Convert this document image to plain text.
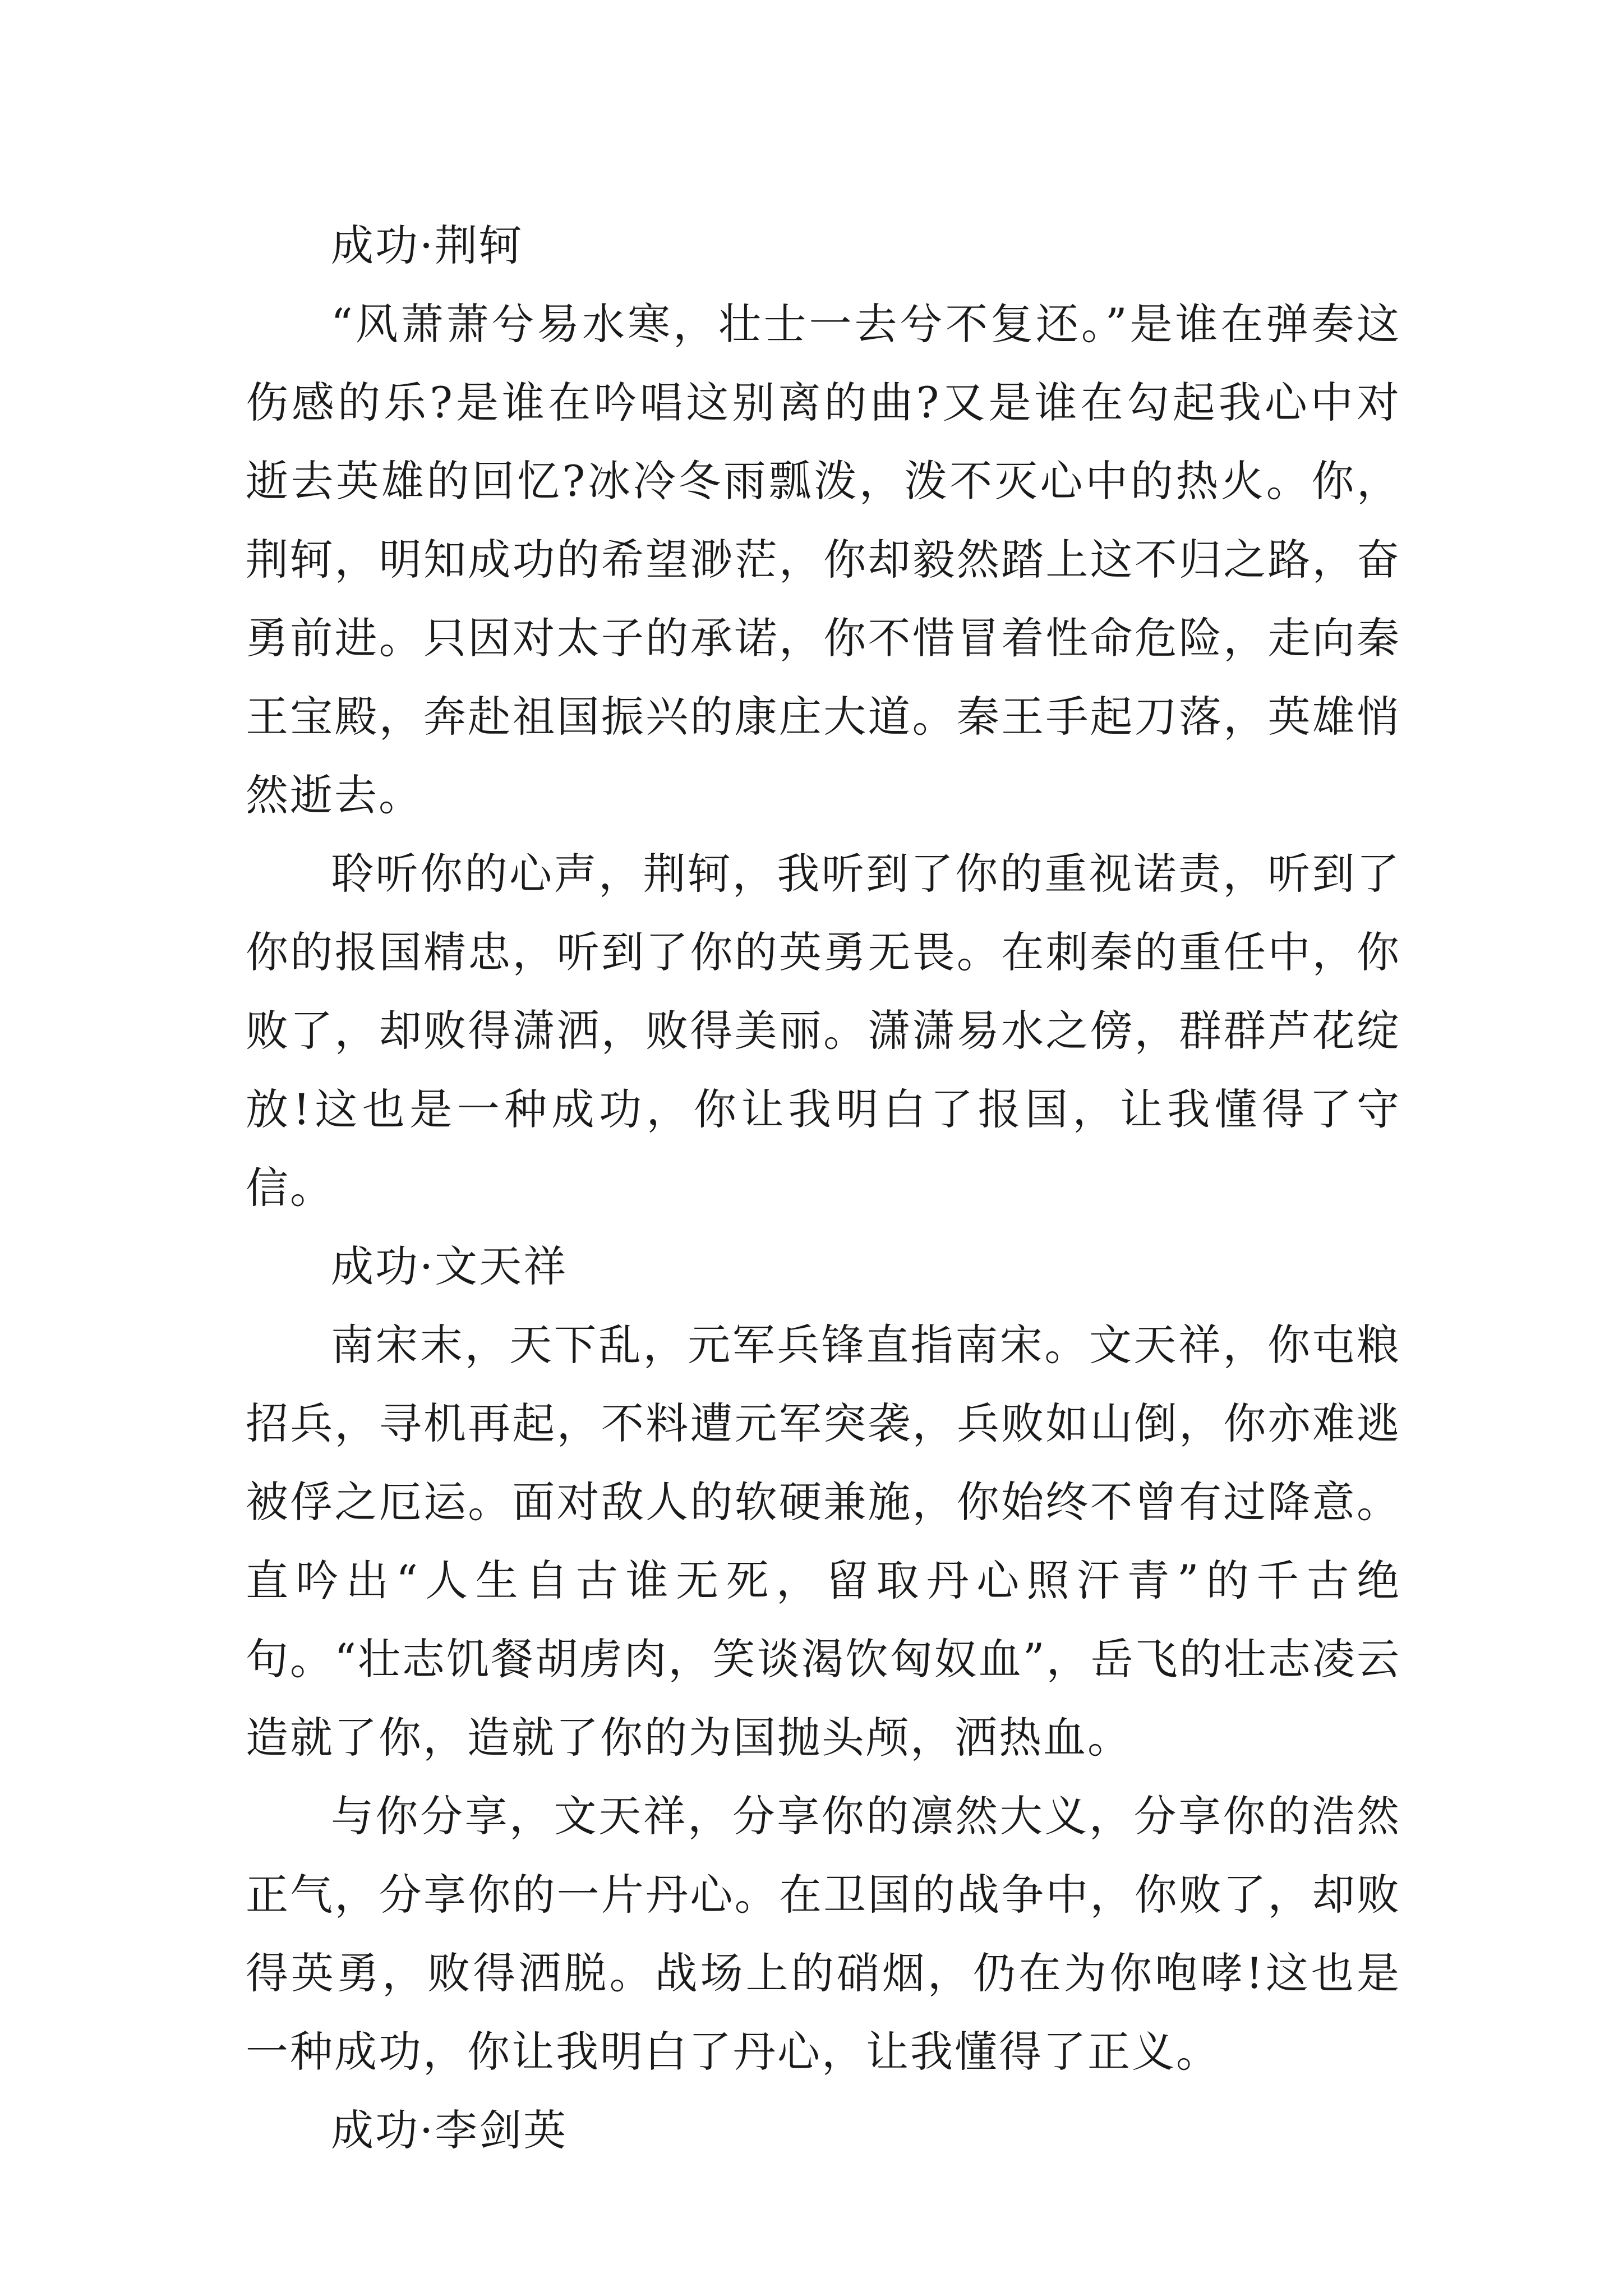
成功·荆轲

“风萧萧兮易水寒，壮士一去兮不复还。”是谁在弹奏这伤感的乐?是谁在吟唱这别离的曲?又是谁在勾起我心中对逝去英雄的回忆?冰冷冬雨瓢泼，泼不灭心中的热火。你，荆轲，明知成功的希望渺茫，你却毅然踏上这不归之路，奋勇前进。只因对太子的承诺，你不惜冒着性命危险，走向秦王宝殿，奔赴祖国振兴的康庄大道。秦王手起刀落，英雄悄然逝去。

聆听你的心声，荆轲，我听到了你的重视诺责，听到了你的报国精忠，听到了你的英勇无畏。在刺秦的重任中，你败了，却败得潇洒，败得美丽。潇潇易水之傍，群群芦花绽放!这也是一种成功，你让我明白了报国，让我懂得了守信。

成功·文天祥

南宋末，天下乱，元军兵锋直指南宋。文天祥，你屯粮招兵，寻机再起，不料遭元军突袭，兵败如山倒，你亦难逃被俘之厄运。面对敌人的软硬兼施，你始终不曾有过降意。直吟出“人生自古谁无死，留取丹心照汗青”的千古绝句。“壮志饥餐胡虏肉，笑谈渴饮匈奴血”，岳飞的壮志凌云造就了你，造就了你的为国抛头颅，洒热血。

与你分享，文天祥，分享你的凛然大义，分享你的浩然正气，分享你的一片丹心。在卫国的战争中，你败了，却败得英勇，败得洒脱。战场上的硝烟，仍在为你咆哮!这也是一种成功，你让我明白了丹心，让我懂得了正义。

成功·李剑英
